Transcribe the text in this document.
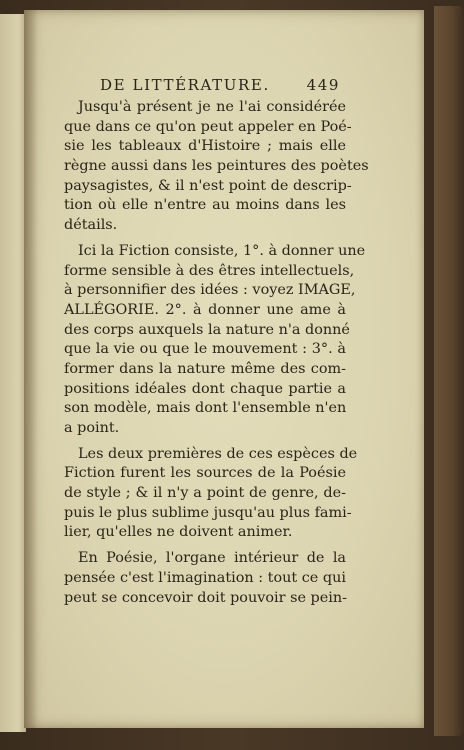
DE LITTÉRATURE. 449
Jusqu'à présent je ne l'ai considérée
que dans ce qu'on peut appeler en Poé-
sie les tableaux d'Histoire ; mais elle
règne aussi dans les peintures des poètes
paysagistes, & il n'est point de descrip-
tion où elle n'entre au moins dans les
détails.
Ici la Fiction consiste, 1°. à donner une
forme sensible à des êtres intellectuels,
à personnifier des idées : voyez IMAGE,
ALLÉGORIE. 2°. à donner une ame à
des corps auxquels la nature n'a donné
que la vie ou que le mouvement : 3°. à
former dans la nature même des com-
positions idéales dont chaque partie a
son modèle, mais dont l'ensemble n'en
a point.
Les deux premières de ces espèces de
Fiction furent les sources de la Poésie
de style ; & il n'y a point de genre, de-
puis le plus sublime jusqu'au plus fami-
lier, qu'elles ne doivent animer.
En Poésie, l'organe intérieur de la
pensée c'est l'imagination : tout ce qui
peut se concevoir doit pouvoir se pein-
